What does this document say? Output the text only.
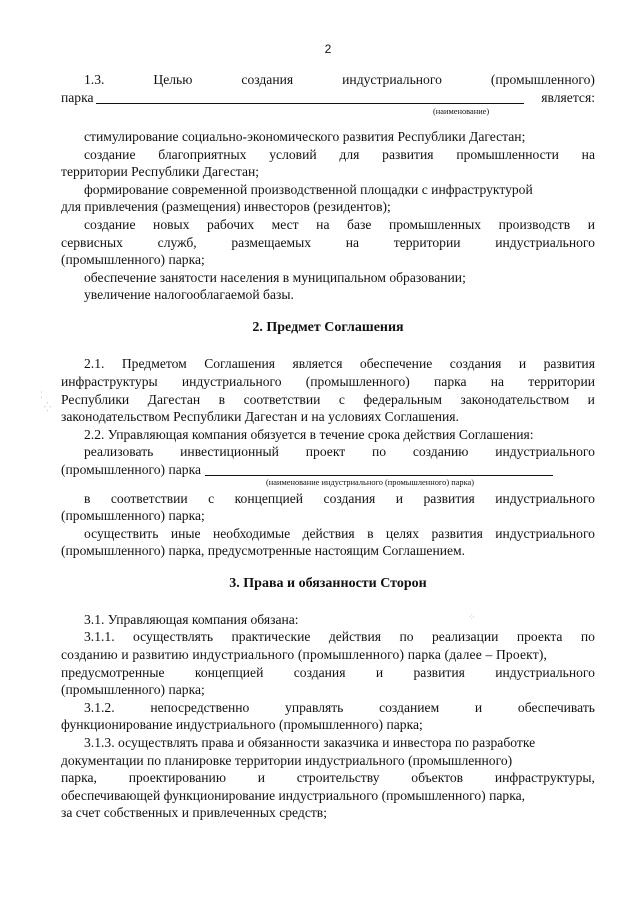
2
1.3.	Целью	создания	индустриального	(промышленного)
парка	является:
(наименование)
стимулирование социально-экономического развития Республики Дагестан;
создание благоприятных условий для развития промышленности на
территории Республики Дагестан;
формирование современной производственной площадки с инфраструктурой
для привлечения (размещения) инвесторов (резидентов);
создание новых рабочих мест на базе промышленных производств и
сервисных	служб,	размещаемых	на	территории	индустриального
(промышленного) парка;
обеспечение занятости населения в муниципальном образовании;
увеличение налогооблагаемой базы.
2. Предмет Соглашения
2.1. Предметом Соглашения является обеспечение создания и развития
инфраструктуры индустриального (промышленного) парка на территории
Республики Дагестан в соответствии с федеральным законодательством и
законодательством Республики Дагестан и на условиях Соглашения.
2.2. Управляющая компания обязуется в течение срока действия Соглашения:
реализовать инвестиционный проект по созданию индустриального
(промышленного) парка
(наименование индустриального (промышленного) парка)
в соответствии с концепцией создания и развития индустриального
(промышленного) парка;
осуществить иные необходимые действия в целях развития индустриального
(промышленного) парка, предусмотренные настоящим Соглашением.
3. Права и обязанности Сторон
3.1. Управляющая компания обязана:
3.1.1. осуществлять практические действия по реализации проекта по
созданию и развитию индустриального (промышленного) парка (далее – Проект),
предусмотренные концепцией создания и развития индустриального
(промышленного) парка;
3.1.2.	непосредственно	управлять	созданием	и	обеспечивать
функционирование индустриального (промышленного) парка;
3.1.3. осуществлять права и обязанности заказчика и инвестора по разработке
документации по планировке территории индустриального (промышленного)
парка, проектированию и строительству объектов инфраструктуры,
обеспечивающей функционирование индустриального (промышленного) парка,
за счет собственных и привлеченных средств;
⁚
⁛
⁘
